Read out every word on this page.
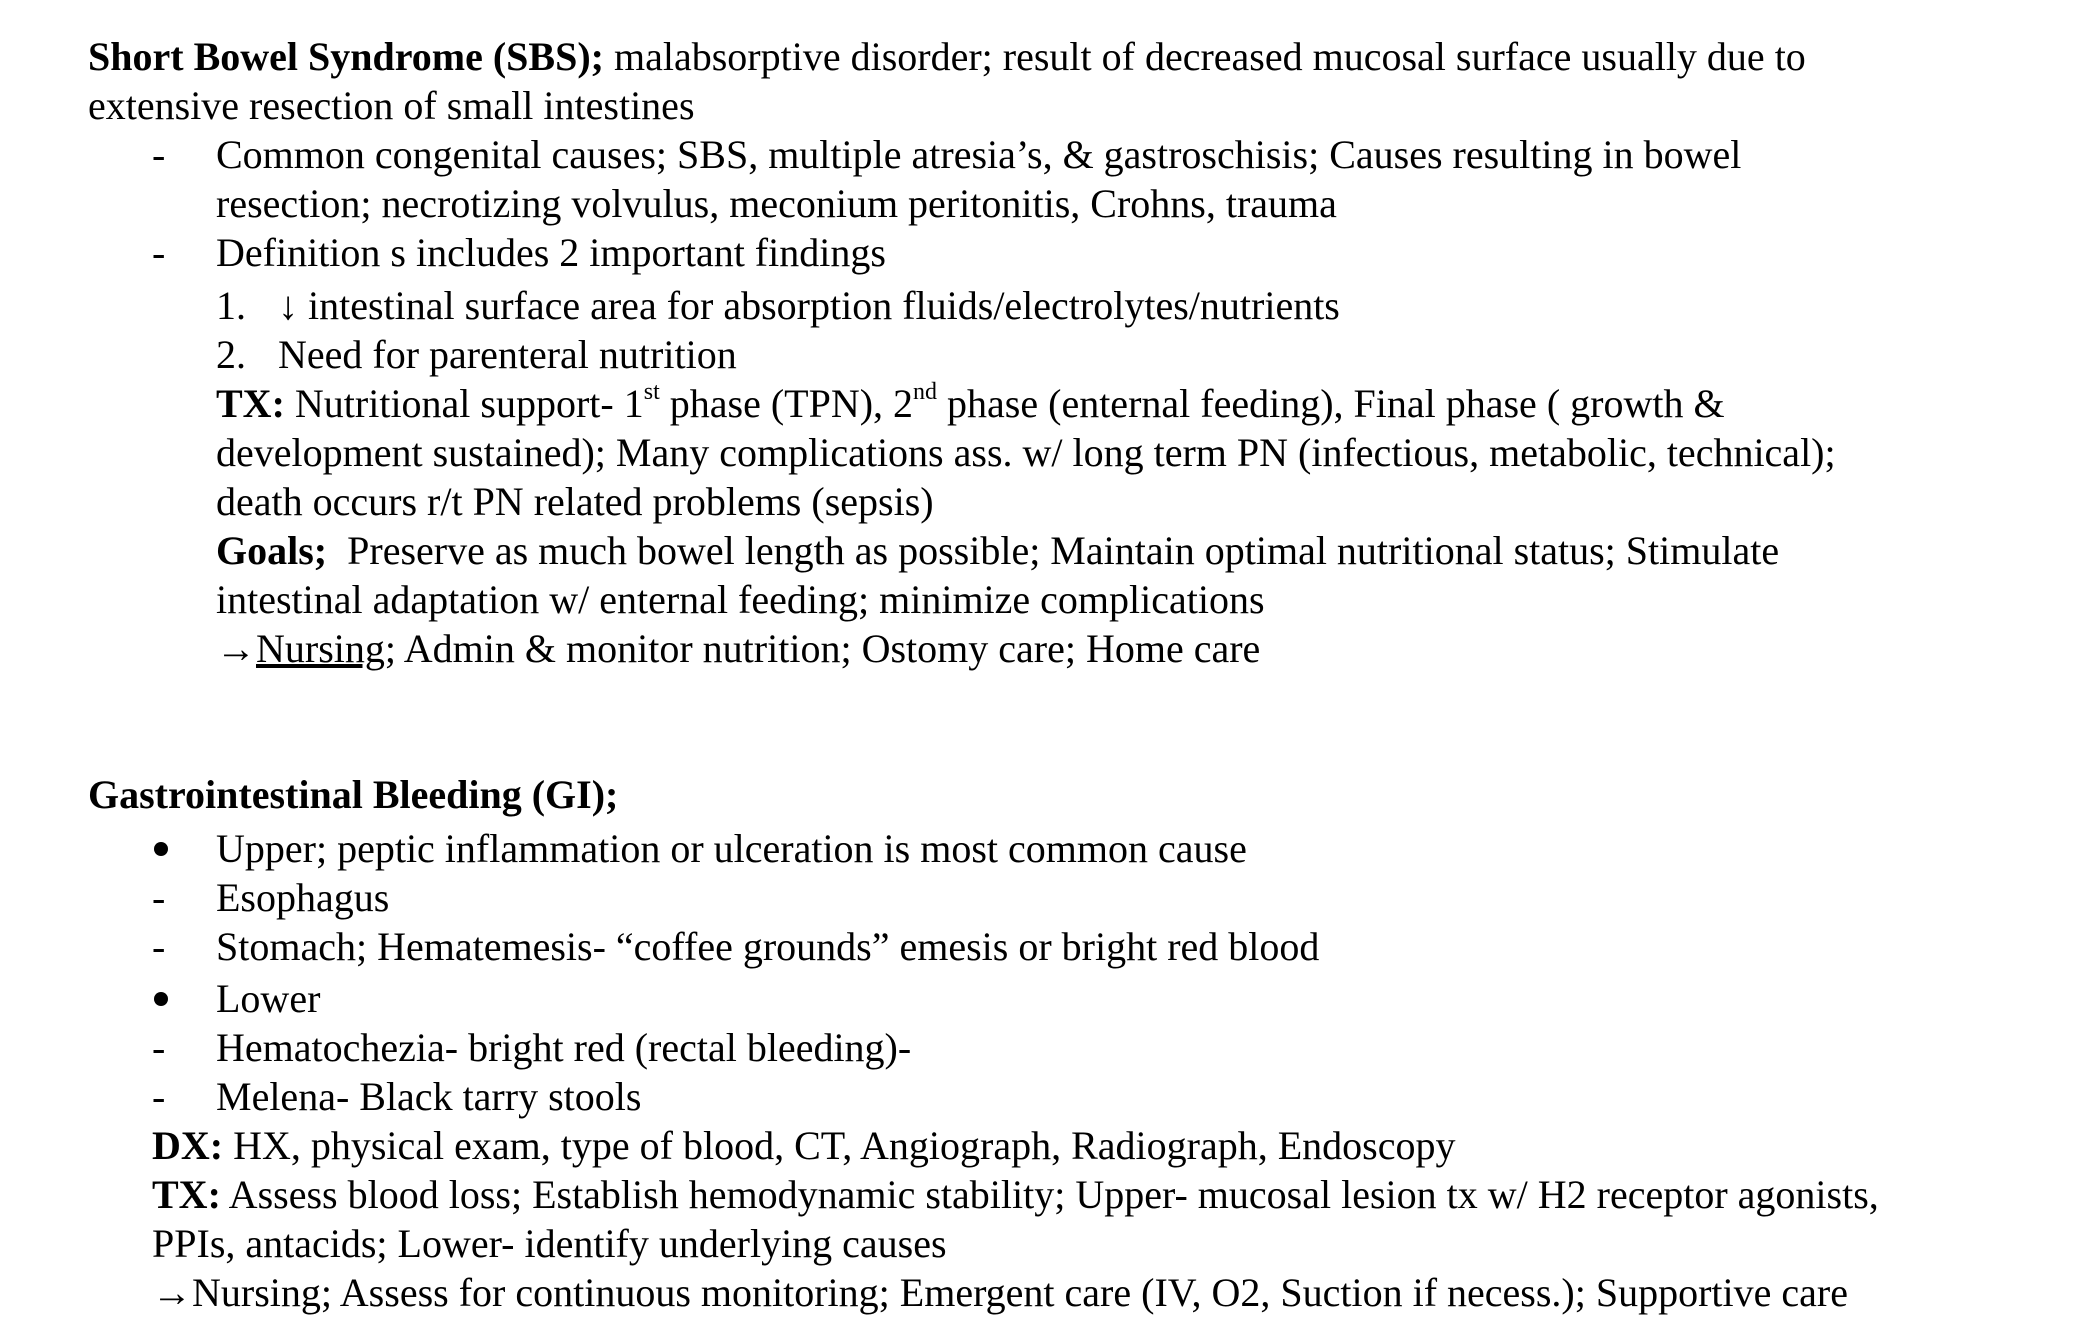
Short Bowel Syndrome (SBS); malabsorptive disorder; result of decreased mucosal surface usually due to
extensive resection of small intestines
- Common congenital causes; SBS, multiple atresia’s, & gastroschisis; Causes resulting in bowel
resection; necrotizing volvulus, meconium peritonitis, Crohns, trauma
- Definition s includes 2 important findings
1. ↓ intestinal surface area for absorption fluids/electrolytes/nutrients
2. Need for parenteral nutrition
TX: Nutritional support- 1st phase (TPN), 2nd phase (enternal feeding), Final phase ( growth &
development sustained); Many complications ass. w/ long term PN (infectious, metabolic, technical);
death occurs r/t PN related problems (sepsis)
Goals;  Preserve as much bowel length as possible; Maintain optimal nutritional status; Stimulate
intestinal adaptation w/ enternal feeding; minimize complications
→Nursing; Admin & monitor nutrition; Ostomy care; Home care
Gastrointestinal Bleeding (GI);
Upper; peptic inflammation or ulceration is most common cause
- Esophagus
- Stomach; Hematemesis- “coffee grounds” emesis or bright red blood
Lower
- Hematochezia- bright red (rectal bleeding)-
- Melena- Black tarry stools
DX: HX, physical exam, type of blood, CT, Angiograph, Radiograph, Endoscopy
TX: Assess blood loss; Establish hemodynamic stability; Upper- mucosal lesion tx w/ H2 receptor agonists,
PPIs, antacids; Lower- identify underlying causes
→Nursing; Assess for continuous monitoring; Emergent care (IV, O2, Suction if necess.); Supportive care
